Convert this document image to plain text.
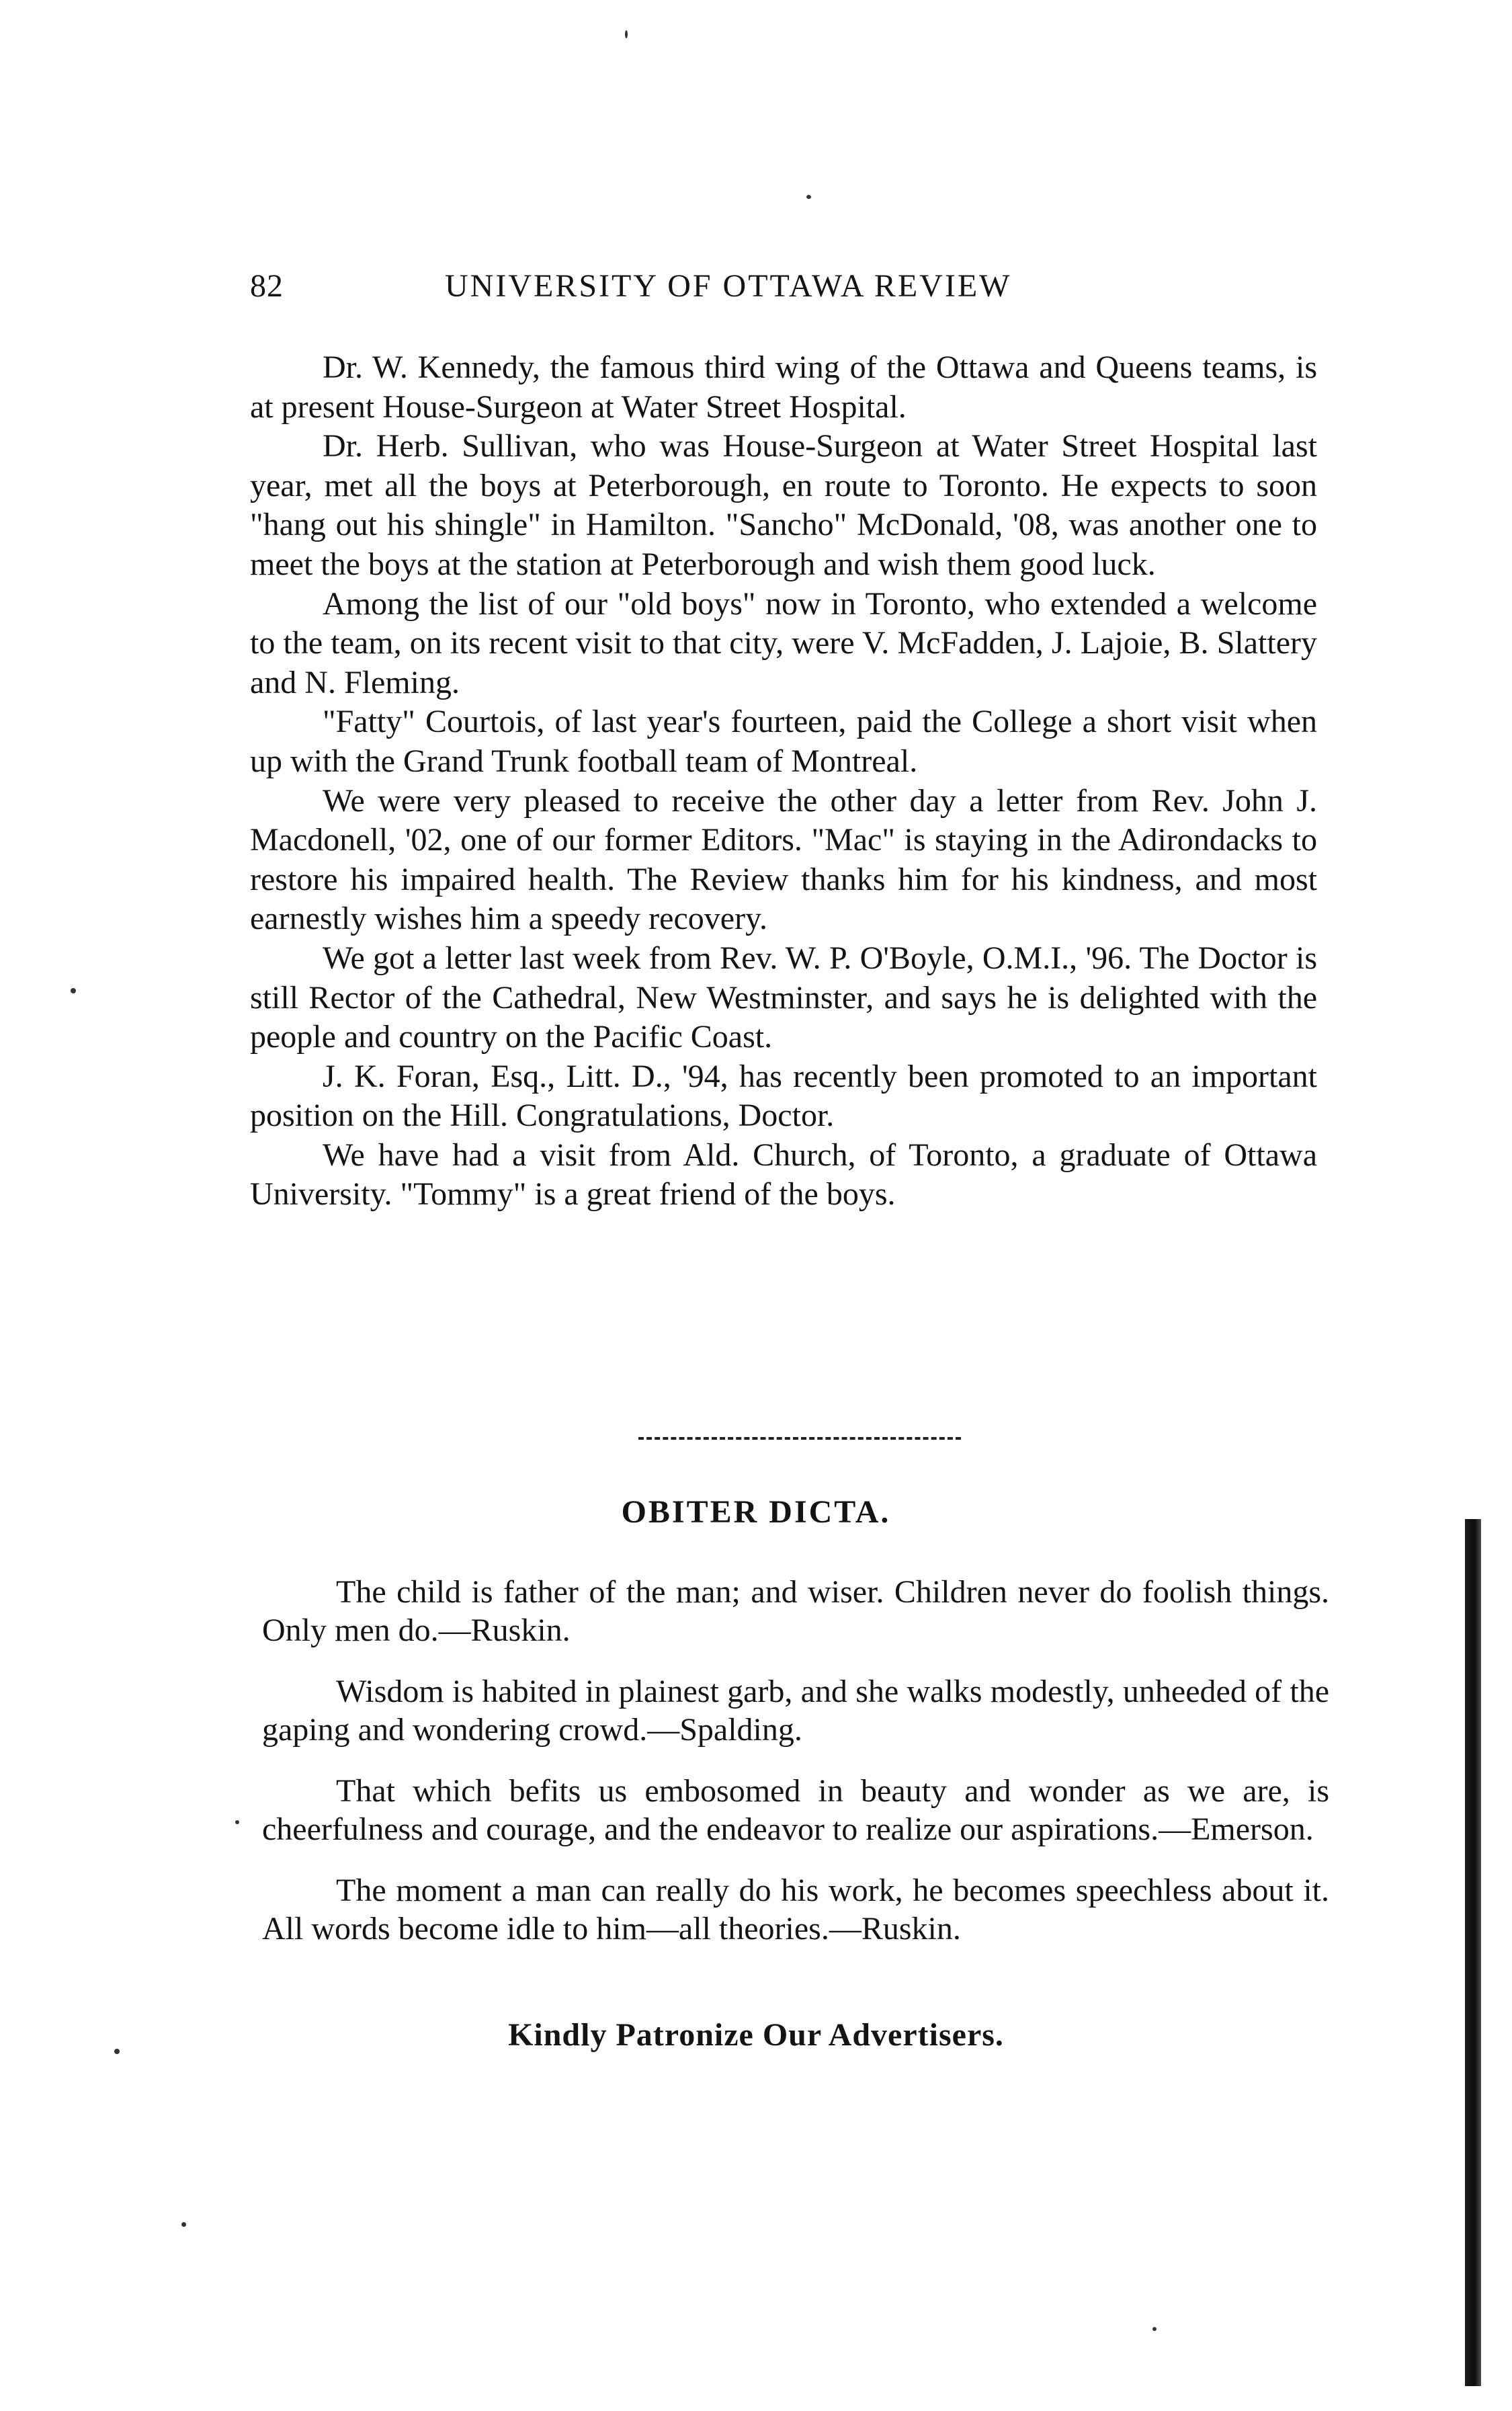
82	UNIVERSITY OF OTTAWA REVIEW

Dr. W. Kennedy, the famous third wing of the Ottawa and Queens teams, is at present House-Surgeon at Water Street Hospital.

Dr. Herb. Sullivan, who was House-Surgeon at Water Street Hospital last year, met all the boys at Peterborough, en route to Toronto. He expects to soon "hang out his shingle" in Hamilton. "Sancho" McDonald, '08, was another one to meet the boys at the station at Peterborough and wish them good luck.

Among the list of our "old boys" now in Toronto, who extended a welcome to the team, on its recent visit to that city, were V. McFadden, J. Lajoie, B. Slattery and N. Fleming.

"Fatty" Courtois, of last year's fourteen, paid the College a short visit when up with the Grand Trunk football team of Montreal.

We were very pleased to receive the other day a letter from Rev. John J. Macdonell, '02, one of our former Editors. "Mac" is staying in the Adirondacks to restore his impaired health. The Review thanks him for his kindness, and most earnestly wishes him a speedy recovery.

We got a letter last week from Rev. W. P. O'Boyle, O.M.I., '96. The Doctor is still Rector of the Cathedral, New Westminster, and says he is delighted with the people and country on the Pacific Coast.

J. K. Foran, Esq., Litt. D., '94, has recently been promoted to an important position on the Hill. Congratulations, Doctor.

We have had a visit from Ald. Church, of Toronto, a graduate of Ottawa University. "Tommy" is a great friend of the boys.

OBITER DICTA.

The child is father of the man; and wiser. Children never do foolish things. Only men do.—Ruskin.

Wisdom is habited in plainest garb, and she walks modestly, unheeded of the gaping and wondering crowd.—Spalding.

That which befits us embosomed in beauty and wonder as we are, is cheerfulness and courage, and the endeavor to realize our aspirations.—Emerson.

The moment a man can really do his work, he becomes speechless about it. All words become idle to him—all theories.—Ruskin.

Kindly Patronize Our Advertisers.
